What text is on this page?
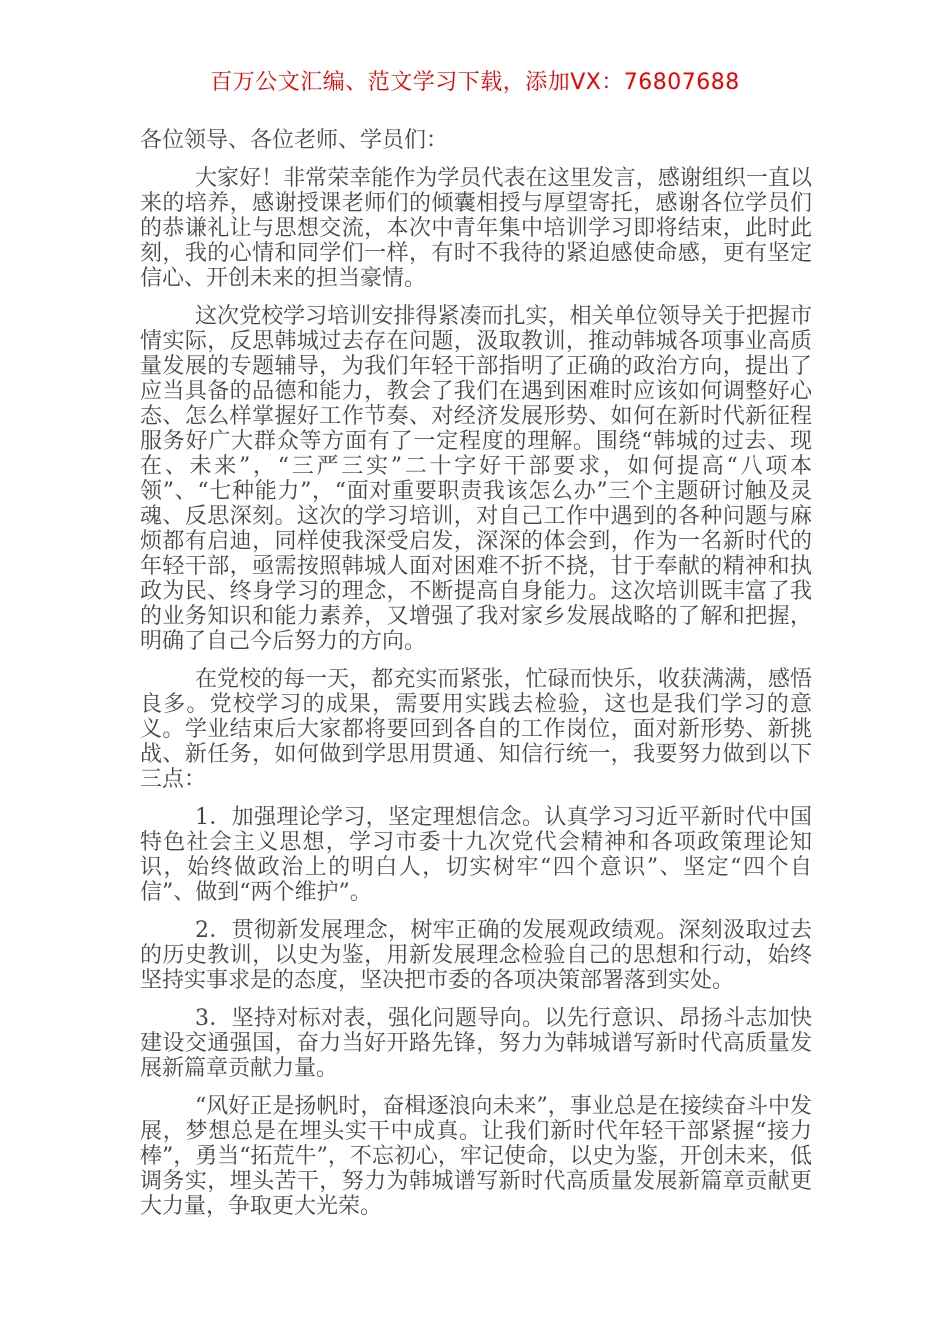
百万公文汇编、范文学习下载，添加VX：76807688

各位领导、各位老师、学员们：

大家好！非常荣幸能作为学员代表在这里发言，感谢组织一直以来的培养，感谢授课老师们的倾囊相授与厚望寄托，感谢各位学员们的恭谦礼让与思想交流，本次中青年集中培训学习即将结束，此时此刻，我的心情和同学们一样，有时不我待的紧迫感使命感，更有坚定信心、开创未来的担当豪情。

这次党校学习培训安排得紧凑而扎实，相关单位领导关于把握市情实际，反思韩城过去存在问题，汲取教训，推动韩城各项事业高质量发展的专题辅导，为我们年轻干部指明了正确的政治方向，提出了应当具备的品德和能力，教会了我们在遇到困难时应该如何调整好心态、怎么样掌握好工作节奏、对经济发展形势、如何在新时代新征程服务好广大群众等方面有了一定程度的理解。围绕“韩城的过去、现在、未来”，“三严三实”二十字好干部要求，如何提高“八项本领”、“七种能力”，“面对重要职责我该怎么办”三个主题研讨触及灵魂、反思深刻。这次的学习培训，对自己工作中遇到的各种问题与麻烦都有启迪，同样使我深受启发，深深的体会到，作为一名新时代的年轻干部，亟需按照韩城人面对困难不折不挠，甘于奉献的精神和执政为民、终身学习的理念，不断提高自身能力。这次培训既丰富了我的业务知识和能力素养，又增强了我对家乡发展战略的了解和把握，明确了自己今后努力的方向。

在党校的每一天，都充实而紧张，忙碌而快乐，收获满满，感悟良多。党校学习的成果，需要用实践去检验，这也是我们学习的意义。学业结束后大家都将要回到各自的工作岗位，面对新形势、新挑战、新任务，如何做到学思用贯通、知信行统一，我要努力做到以下三点：

1．加强理论学习，坚定理想信念。认真学习习近平新时代中国特色社会主义思想，学习市委十九次党代会精神和各项政策理论知识，始终做政治上的明白人，切实树牢“四个意识”、坚定“四个自信”、做到“两个维护”。

2．贯彻新发展理念，树牢正确的发展观政绩观。深刻汲取过去的历史教训，以史为鉴，用新发展理念检验自己的思想和行动，始终坚持实事求是的态度，坚决把市委的各项决策部署落到实处。

3．坚持对标对表，强化问题导向。以先行意识、昂扬斗志加快建设交通强国，奋力当好开路先锋，努力为韩城谱写新时代高质量发展新篇章贡献力量。

“风好正是扬帆时，奋楫逐浪向未来”，事业总是在接续奋斗中发展，梦想总是在埋头实干中成真。让我们新时代年轻干部紧握“接力棒”，勇当“拓荒牛”，不忘初心，牢记使命，以史为鉴，开创未来，低调务实，埋头苦干，努力为韩城谱写新时代高质量发展新篇章贡献更大力量，争取更大光荣。
